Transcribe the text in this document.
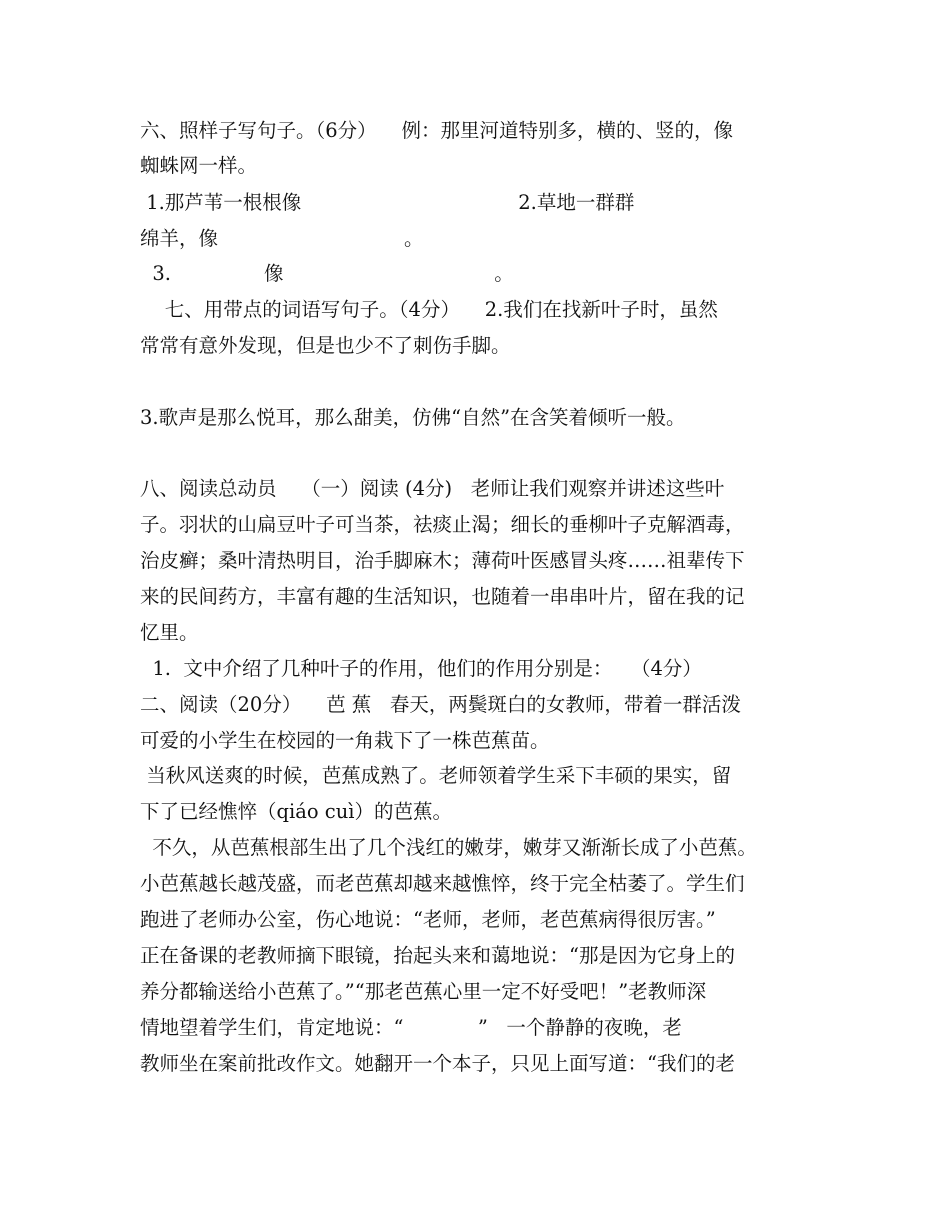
六、照样子写句子。（6分）    例：那里河道特别多，横的、竖的，像
蜘蛛网一样。
1.那芦苇一根根像                                   2.草地一群群
绵羊，像                              。
3.               像                                  。
七、用带点的词语写句子。（4分）    2.我们在找新叶子时，虽然
常常有意外发现，但是也少不了刺伤手脚。
3.歌声是那么悦耳，那么甜美，仿佛“自然”在含笑着倾听一般。
八、阅读总动员    （一）阅读 (4分)   老师让我们观察并讲述这些叶
子。羽状的山扁豆叶子可当茶，祛痰止渴；细长的垂柳叶子克解酒毒，
治皮癣；桑叶清热明目，治手脚麻木；薄荷叶医感冒头疼……祖辈传下
来的民间药方，丰富有趣的生活知识，也随着一串串叶片，留在我的记
忆里。
1.  文中介绍了几种叶子的作用，他们的作用分别是：   （4分）
二、阅读（20分）    芭 蕉   春天，两鬓斑白的女教师，带着一群活泼
可爱的小学生在校园的一角栽下了一株芭蕉苗。
当秋风送爽的时候，芭蕉成熟了。老师领着学生采下丰硕的果实，留
下了已经憔悴（qiáo cuì）的芭蕉。
不久，从芭蕉根部生出了几个浅红的嫩芽，嫩芽又渐渐长成了小芭蕉。
小芭蕉越长越茂盛，而老芭蕉却越来越憔悴，终于完全枯萎了。学生们
跑进了老师办公室，伤心地说：“老师，老师，老芭蕉病得很厉害。”
正在备课的老教师摘下眼镜，抬起头来和蔼地说：“那是因为它身上的
养分都输送给小芭蕉了。”“那老芭蕉心里一定不好受吧！”老教师深
情地望着学生们，肯定地说：“            ”   一个静静的夜晚，老
教师坐在案前批改作文。她翻开一个本子，只见上面写道：“我们的老
